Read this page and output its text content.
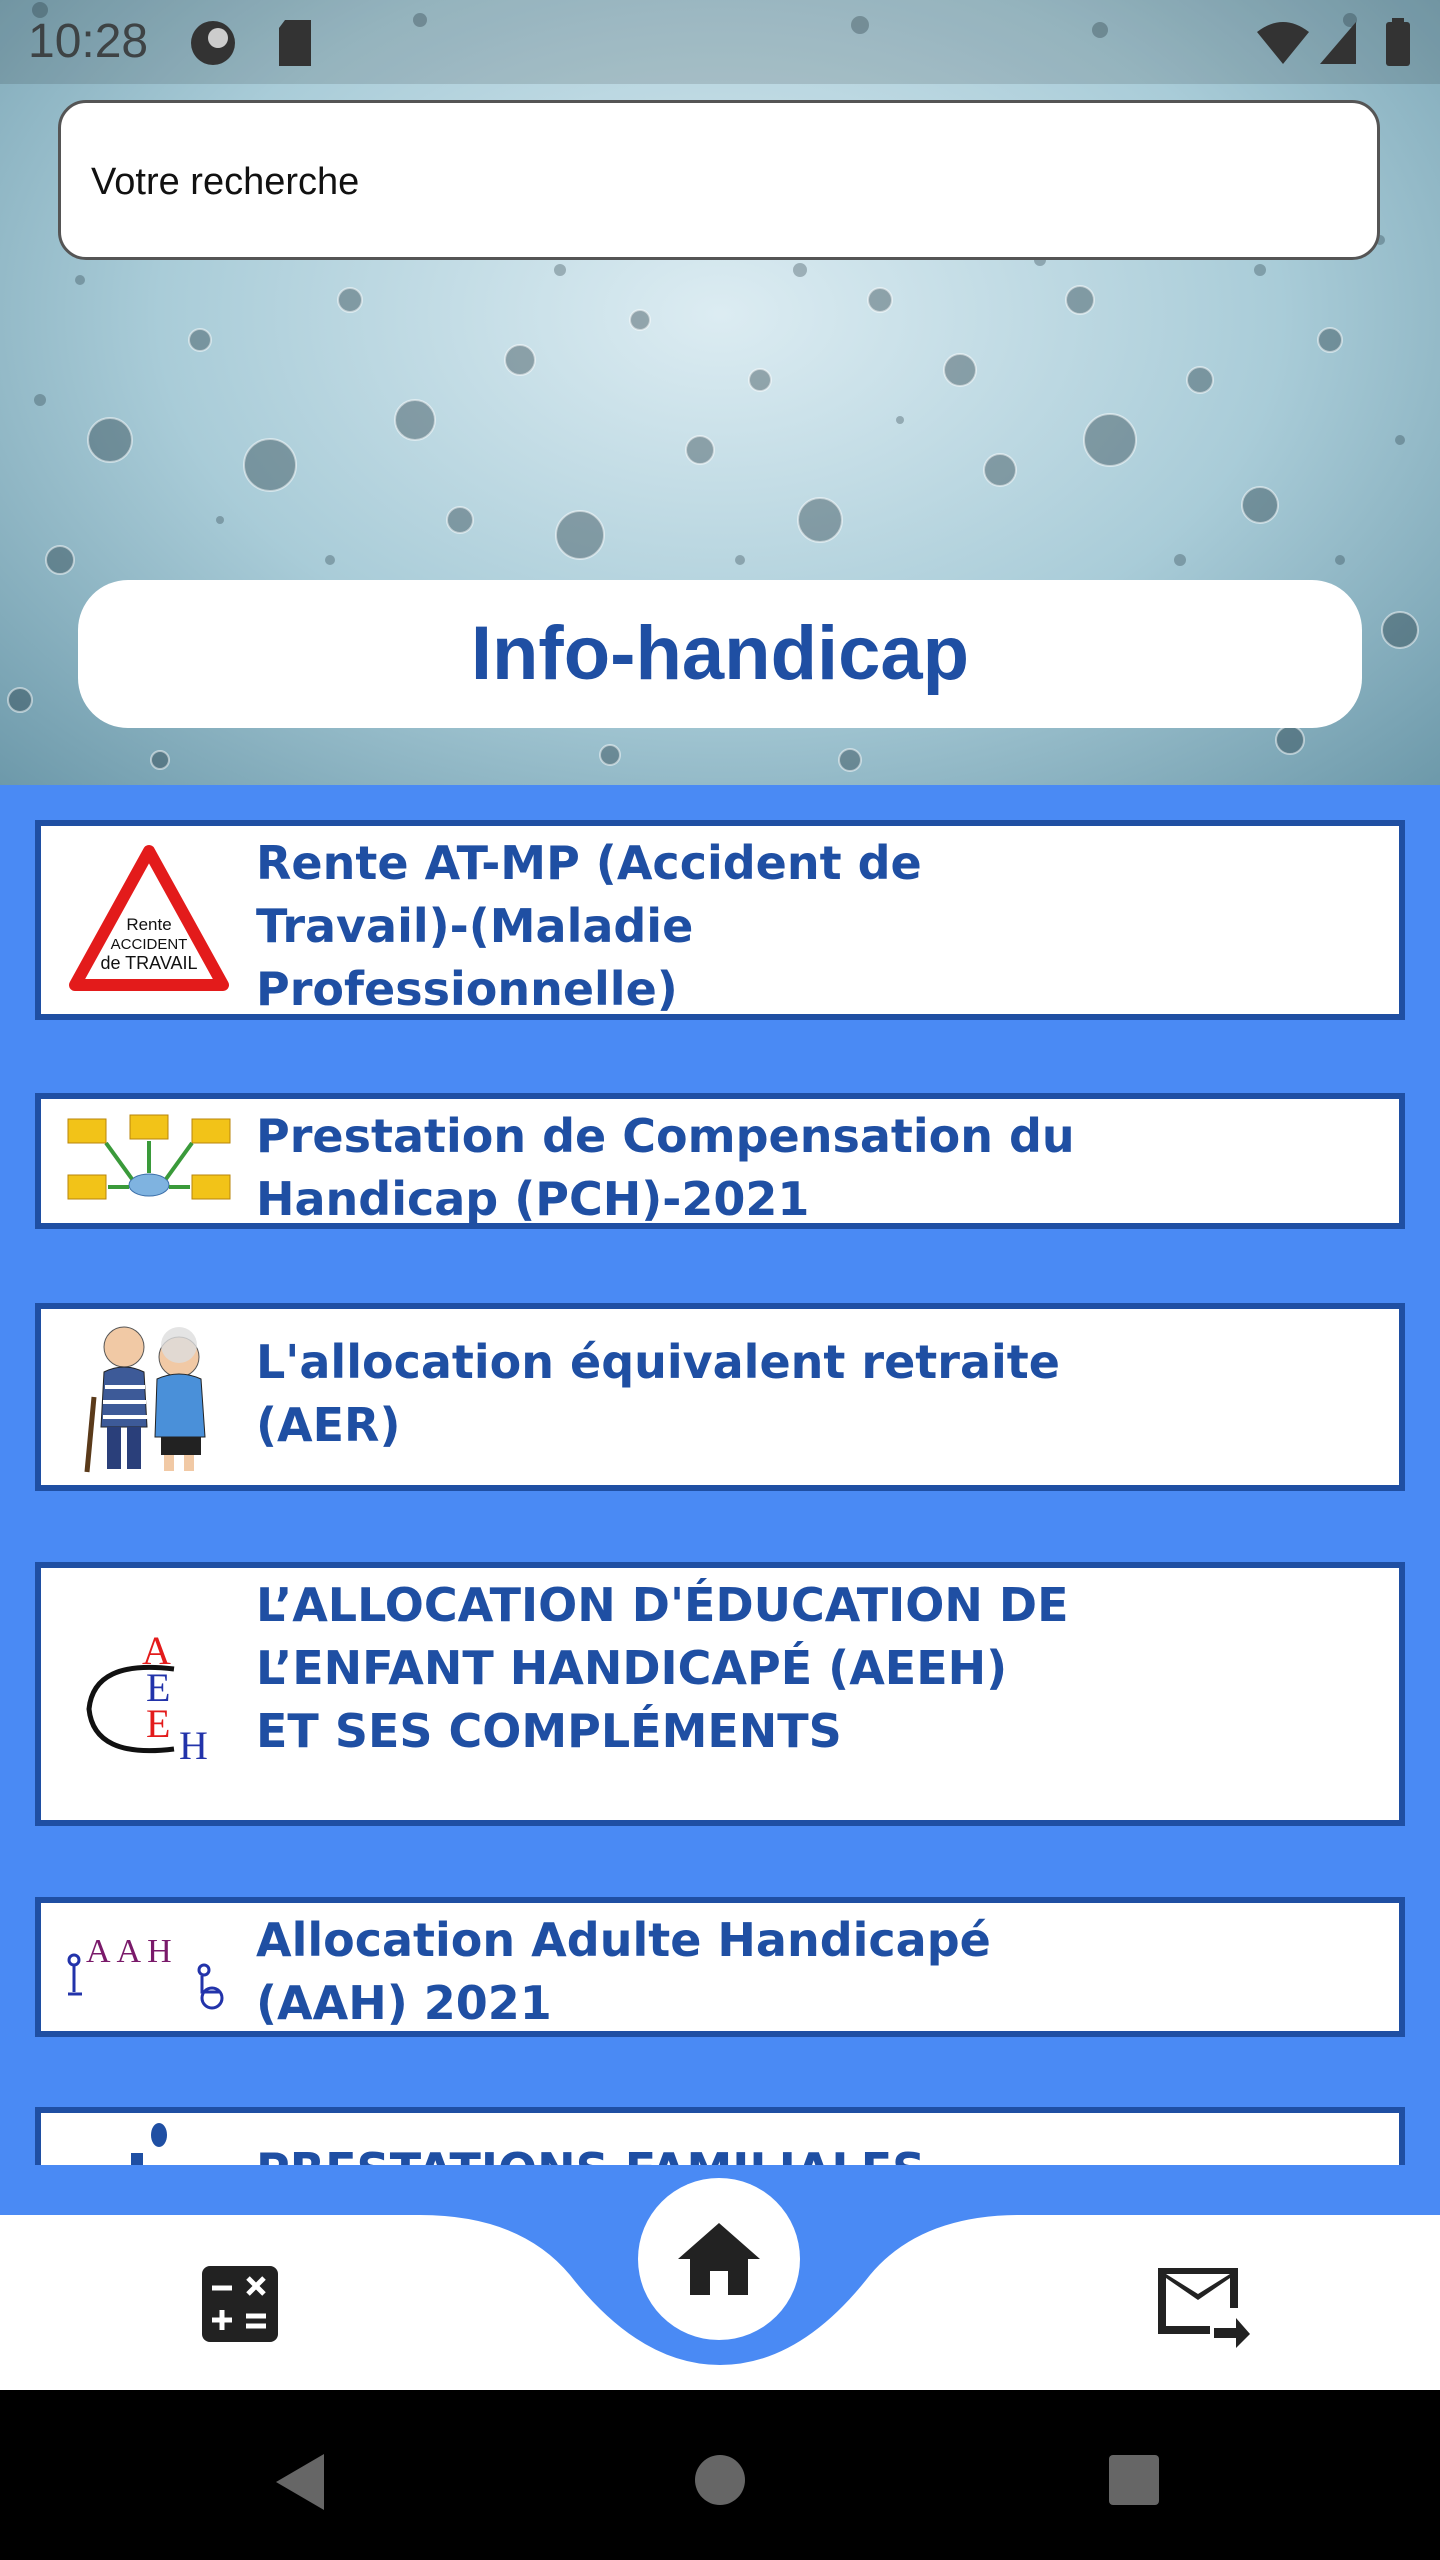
10:28
Votre recherche
Info-handicap
Rente
ACCIDENT
de TRAVAIL
Rente AT-MP (Accident de Travail)-(Maladie Professionnelle)
Prestation de Compensation du Handicap (PCH)-2021
L'allocation équivalent retraite (AER)
A
E
E H
L’ALLOCATION D'ÉDUCATION DE L’ENFANT HANDICAPÉ (AEEH) ET SES COMPLÉMENTS
AAH Allocation Adulte Handicapé (AAH) 2021
